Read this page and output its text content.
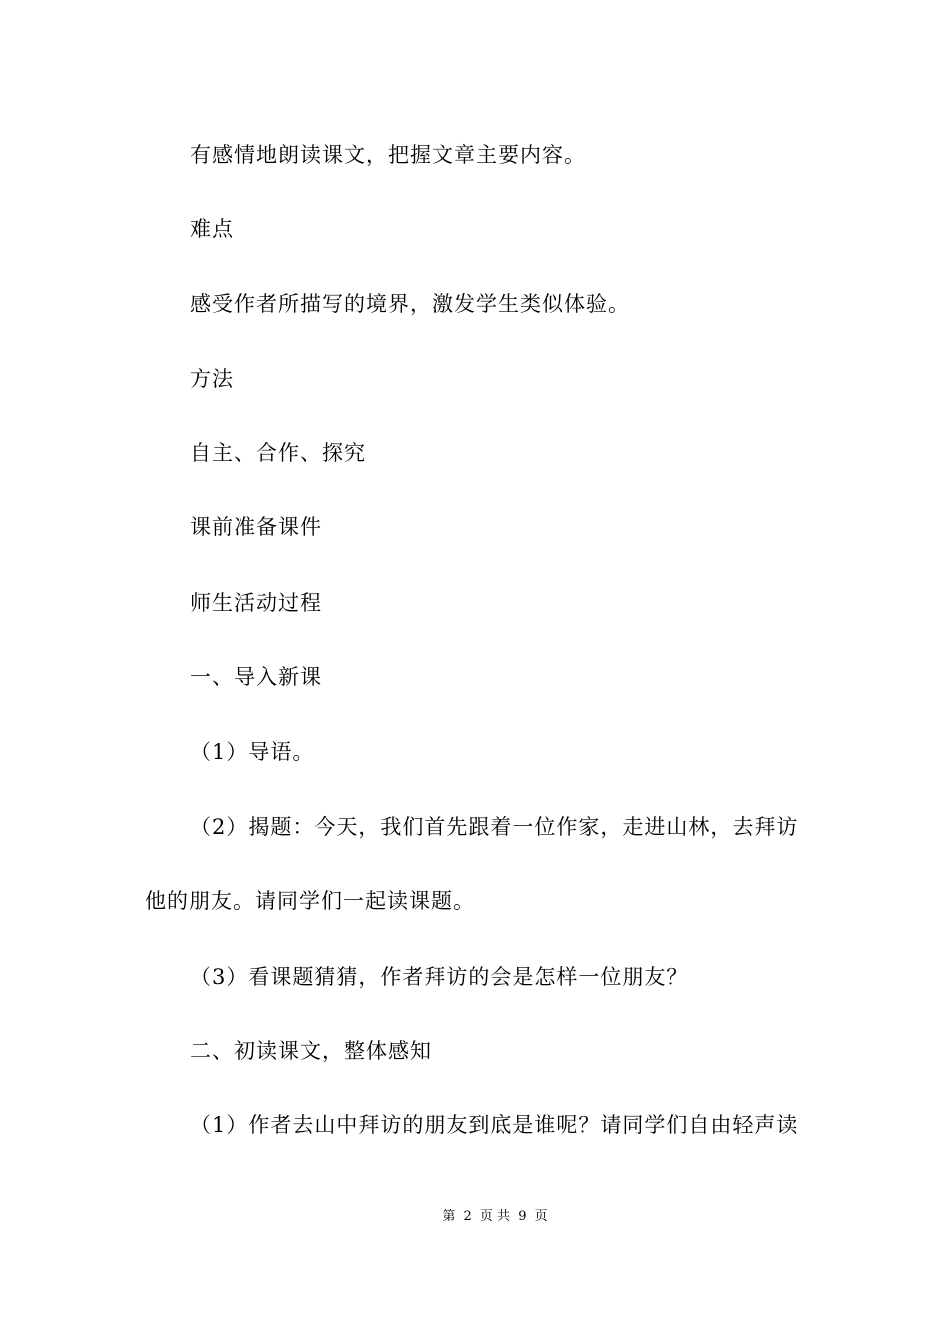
有感情地朗读课文，把握文章主要内容。
难点
感受作者所描写的境界，激发学生类似体验。
方法
自主、合作、探究
课前准备课件
师生活动过程
一、导入新课
（1）导语。
（2）揭题：今天，我们首先跟着一位作家，走进山林，去拜访
他的朋友。请同学们一起读课题。
（3）看课题猜猜，作者拜访的会是怎样一位朋友？
二、初读课文，整体感知
（1）作者去山中拜访的朋友到底是谁呢？请同学们自由轻声读
第 2 页 共 9 页
